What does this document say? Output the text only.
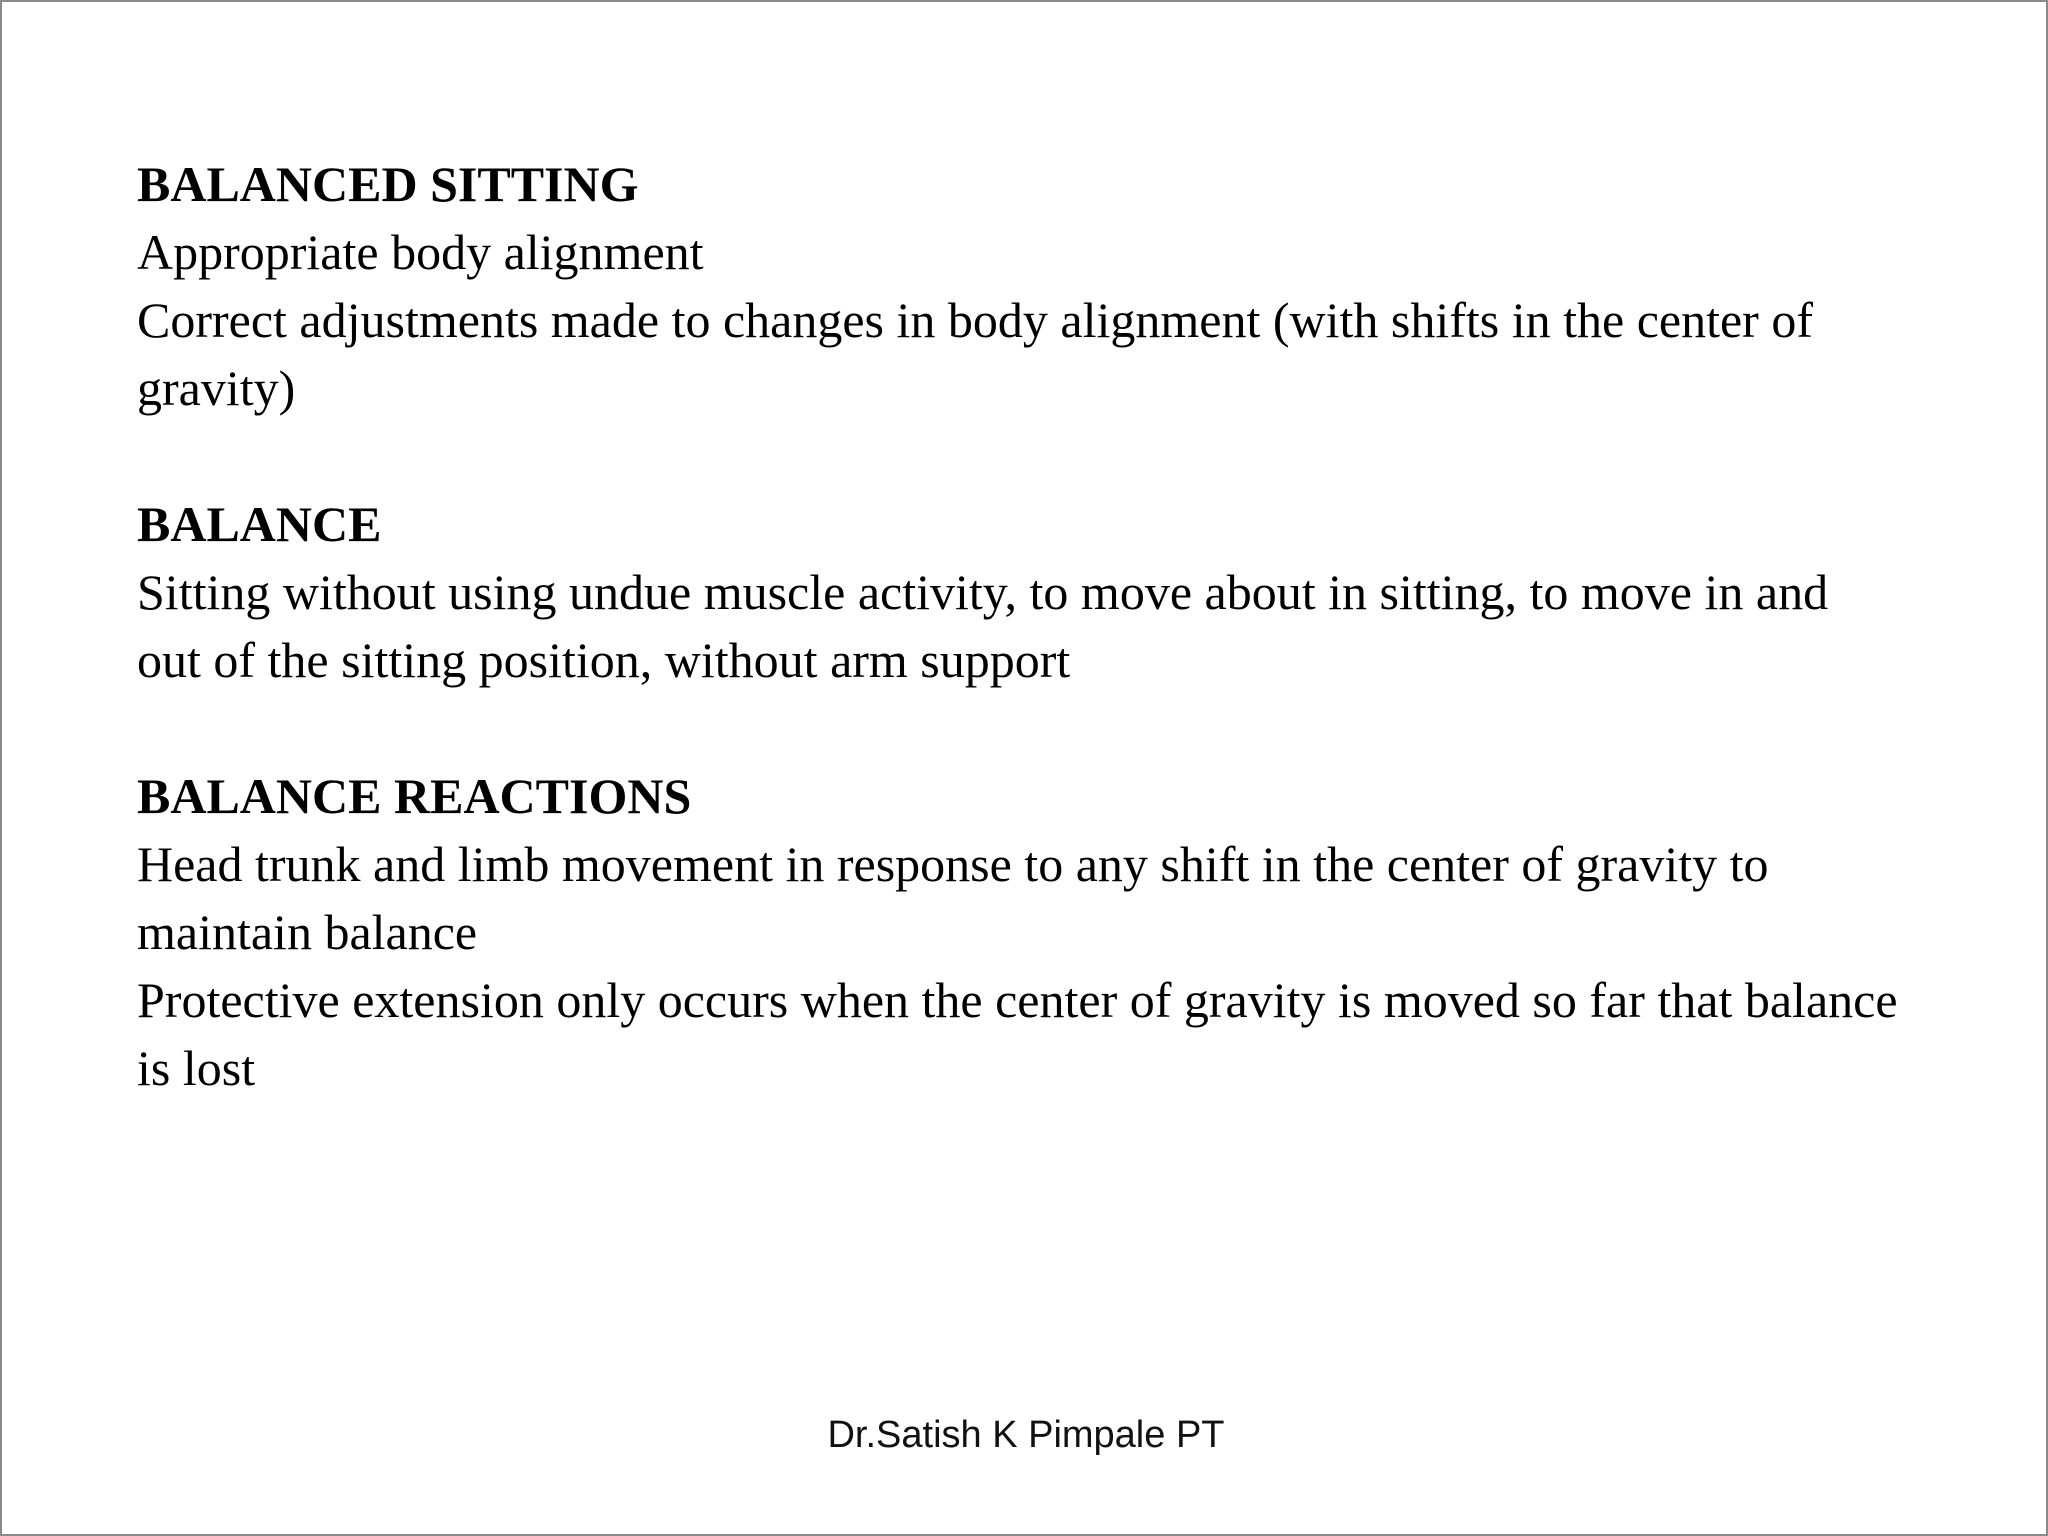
BALANCED SITTING
Appropriate body alignment
Correct adjustments made to changes in body alignment (with shifts in the center of gravity)
BALANCE
Sitting without using undue muscle activity, to move about in sitting, to move in and out of the sitting position, without arm support
BALANCE REACTIONS
Head trunk and limb movement in response to any shift in the center of gravity to maintain balance
Protective extension only occurs when the center of gravity is moved so far that balance is lost
Dr.Satish K Pimpale PT
